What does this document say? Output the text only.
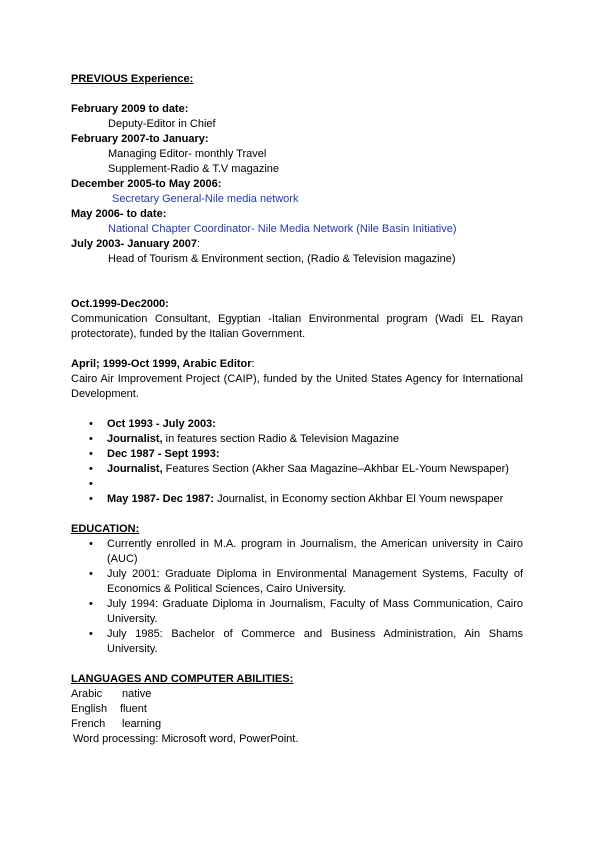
PREVIOUS Experience:
February 2009 to date:
Deputy-Editor in Chief
February 2007-to January:
Managing Editor- monthly Travel
Supplement-Radio & T.V magazine
December 2005-to May 2006:
Secretary General-Nile media network
May 2006- to date:
National Chapter Coordinator- Nile Media Network (Nile Basin Initiative)
July 2003- January 2007:
Head of Tourism & Environment section, (Radio & Television magazine)
Oct.1999-Dec2000:
Communication Consultant, Egyptian -Italian Environmental program (Wadi EL Rayan protectorate), funded by the Italian Government.
April; 1999-Oct 1999, Arabic Editor:
Cairo Air Improvement Project (CAIP), funded by the United States Agency for International Development.
• Oct 1993 - July 2003:
• Journalist, in features section Radio & Television Magazine
• Dec 1987 - Sept 1993:
• Journalist, Features Section (Akher Saa Magazine–Akhbar EL-Youm Newspaper)
•
• May 1987- Dec 1987: Journalist, in Economy section Akhbar El Youm newspaper
EDUCATION:
• Currently enrolled in M.A. program in Journalism, the American university in Cairo (AUC)
• July 2001: Graduate Diploma in Environmental Management Systems, Faculty of Economics & Political Sciences, Cairo University.
• July 1994: Graduate Diploma in Journalism, Faculty of Mass Communication, Cairo University.
• July 1985: Bachelor of Commerce and Business Administration, Ain Shams University.
LANGUAGES AND COMPUTER ABILITIES:
Arabic native
English fluent
French learning
Word processing: Microsoft word, PowerPoint.
